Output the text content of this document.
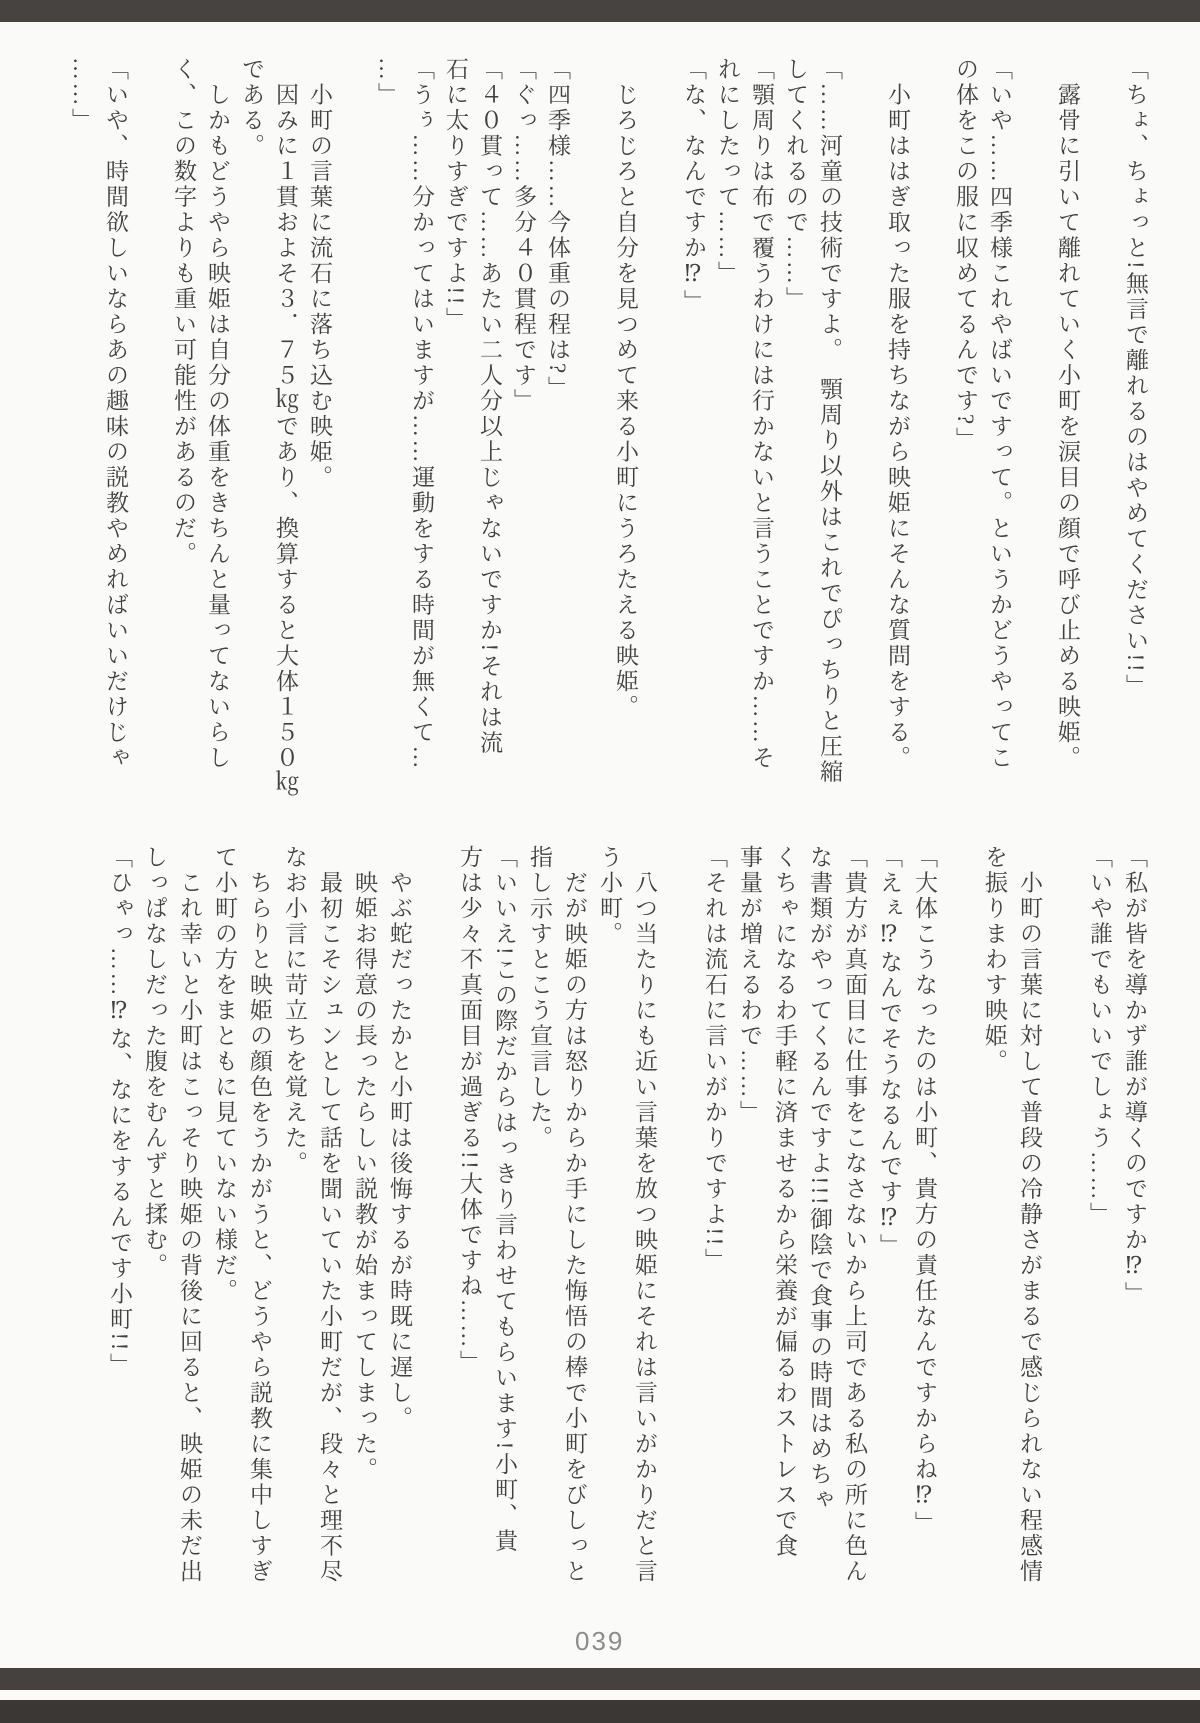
「ちょ、ちょっと!無言で離れるのはやめてください!!」

　露骨に引いて離れていく小町を涙目の顔で呼び止める映姫。

「いや……四季様これやばいですって。というかどうやってこ
の体をこの服に収めてるんです?」

　小町ははぎ取った服を持ちながら映姫にそんな質問をする。

「……河童の技術ですよ。　顎周り以外はこれでぴっちりと圧縮
してくれるので……」
「顎周りは布で覆うわけには行かないと言うことですか……そ
れにしたって……」
「な、なんですか⁉」

　じろじろと自分を見つめて来る小町にうろたえる映姫。

「四季様……今体重の程は?」
「ぐっ……多分４０貫程です」
「４０貫って……あたい二人分以上じゃないですか!それは流
石に太りすぎですよ!!」
「うぅ……分かってはいますが……運動をする時間が無くて…
…」

　小町の言葉に流石に落ち込む映姫。
　因みに１貫およそ３．７５㎏であり、換算すると大体１５０㎏
である。
　しかもどうやら映姫は自分の体重をきちんと量ってないらし
く、この数字よりも重い可能性があるのだ。

「いや、時間欲しいならあの趣味の説教やめればいいだけじゃ
……」
「私が皆を導かず誰が導くのですか⁉」
「いや誰でもいいでしょう……」

　小町の言葉に対して普段の冷静さがまるで感じられない程感情
を振りまわす映姫。

「大体こうなったのは小町、貴方の責任なんですからね⁉」
「えぇ⁉なんでそうなるんです⁉」
「貴方が真面目に仕事をこなさないから上司である私の所に色ん
な書類がやってくるんですよ!!!御陰で食事の時間はめちゃ
くちゃになるわ手軽に済ませるから栄養が偏るわストレスで食
事量が増えるわで……」
「それは流石に言いがかりですよ!!」

　八つ当たりにも近い言葉を放つ映姫にそれは言いがかりだと言
う小町。
　だが映姫の方は怒りからか手にした悔悟の棒で小町をびしっと
指し示すとこう宣言した。
「いいえ!この際だからはっきり言わせてもらいます!小町、貴
方は少々不真面目が過ぎる!!大体ですね……」

　やぶ蛇だったかと小町は後悔するが時既に遅し。
　映姫お得意の長ったらしい説教が始まってしまった。
　最初こそシュンとして話を聞いていた小町だが、段々と理不尽
なお小言に苛立ちを覚えた。
　ちらりと映姫の顔色をうかがうと、どうやら説教に集中しすぎ
て小町の方をまともに見ていない様だ。
　これ幸いと小町はこっそり映姫の背後に回ると、映姫の未だ出
しっぱなしだった腹をむんずと揉む。
「ひゃっ……⁉な、なにをするんです小町!!」
039
